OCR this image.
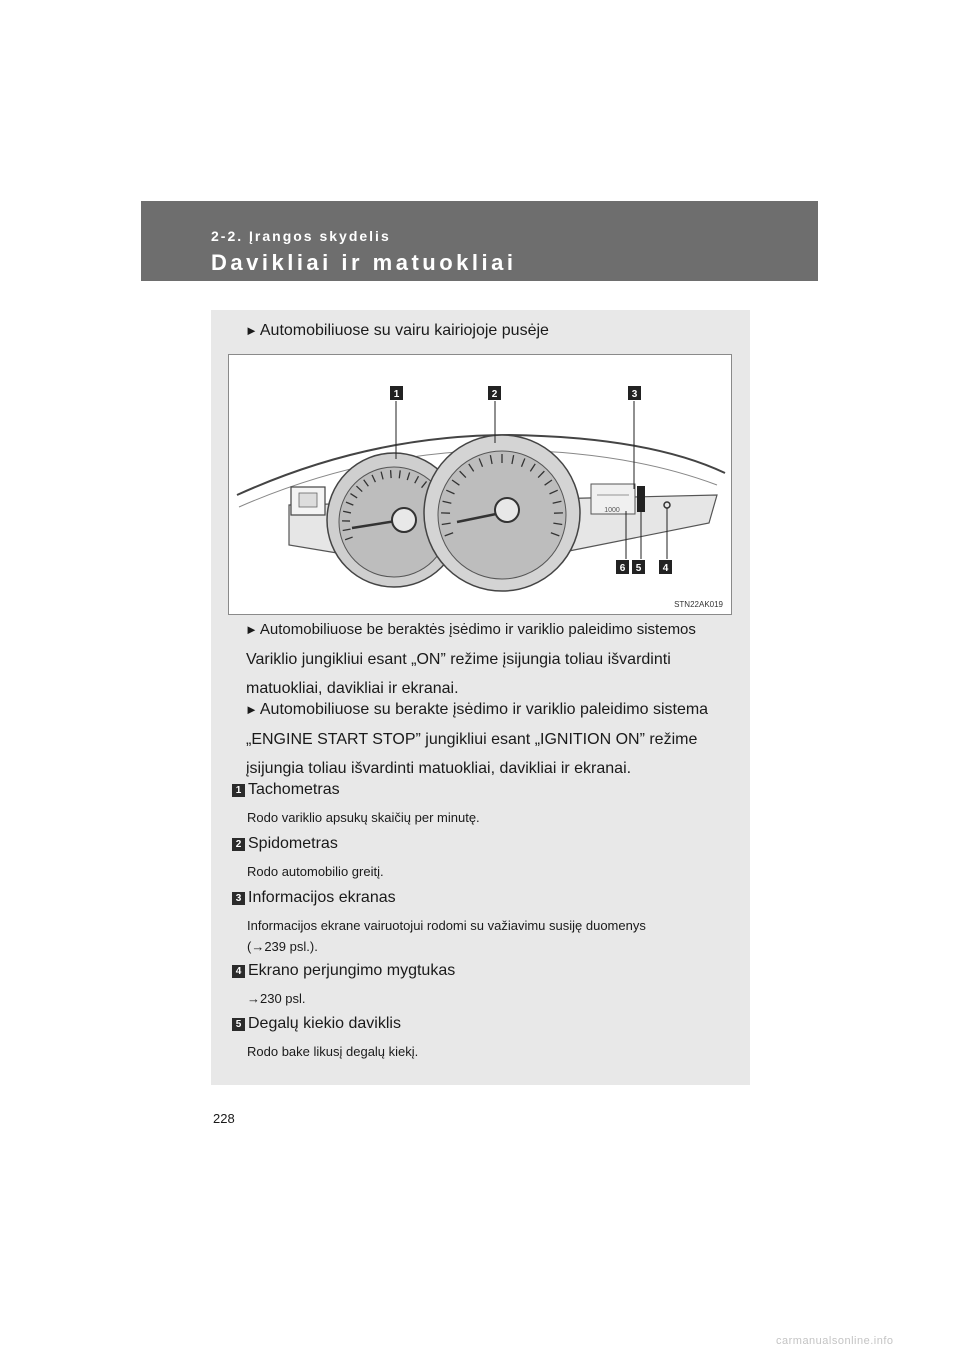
2-2. Įrangos skydelis
Davikliai ir matuokliai
► Automobiliuose su vairu kairiojoje pusėje
1000
1	2	3
6 5 4
STN22AK019
► Automobiliuose be beraktės įsėdimo ir variklio paleidimo sistemos
Variklio jungikliui esant „ON” režime įsijungia toliau išvardinti
matuokliai, davikliai ir ekranai.
► Automobiliuose su berakte įsėdimo ir variklio paleidimo sistema
„ENGINE START STOP” jungikliui esant „IGNITION ON” režime
įsijungia toliau išvardinti matuokliai, davikliai ir ekranai.
1 Tachometras
Rodo variklio apsukų skaičių per minutę.
2 Spidometras
Rodo automobilio greitį.
3 Informacijos ekranas
Informacijos ekrane vairuotojui rodomi su važiavimu susiję duomenys
(→239 psl.).
4 Ekrano perjungimo mygtukas
→230 psl.
5 Degalų kiekio daviklis
Rodo bake likusį degalų kiekį.
228
carmanualsonline.info
